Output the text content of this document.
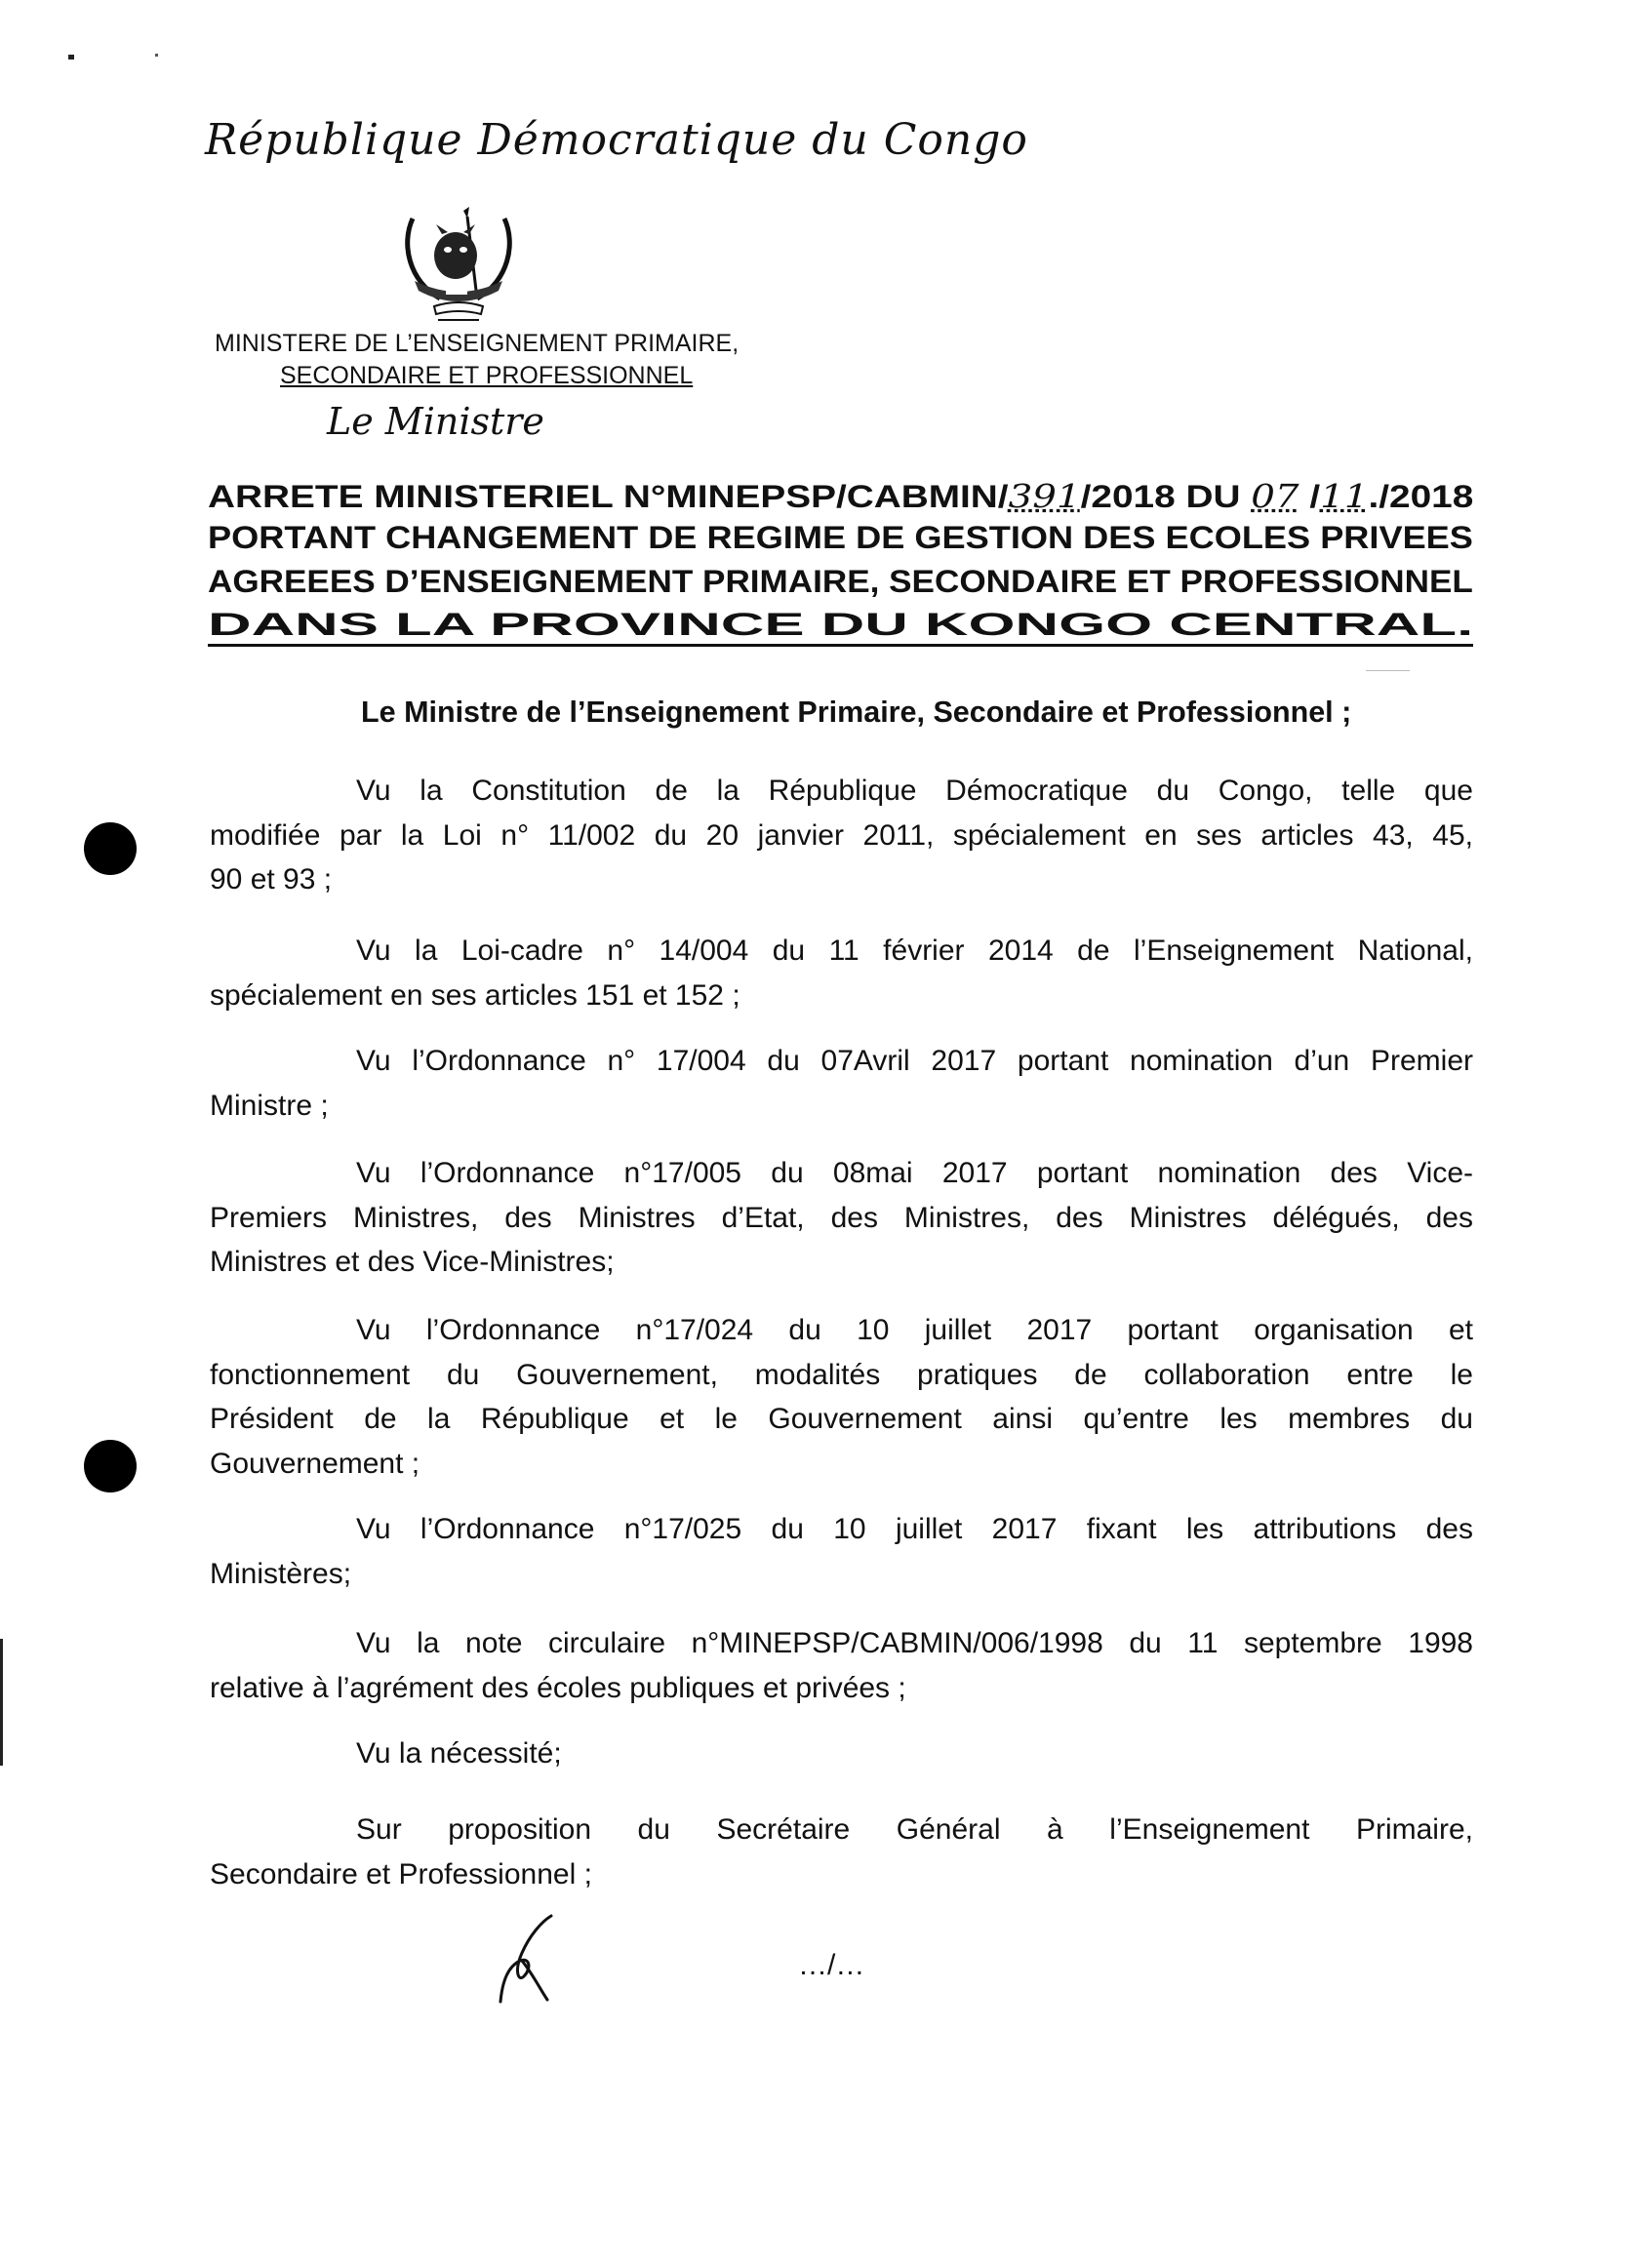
République Démocratique du Congo
MINISTERE DE L’ENSEIGNEMENT PRIMAIRE,
SECONDAIRE ET PROFESSIONNEL
Le Ministre
ARRETE MINISTERIEL N°MINEPSP/CABMIN/391/2018 DU 07 /11./2018
PORTANT CHANGEMENT DE REGIME DE GESTION DES ECOLES PRIVEES
AGREEES D’ENSEIGNEMENT PRIMAIRE, SECONDAIRE ET PROFESSIONNEL
DANS LA PROVINCE DU KONGO CENTRAL.
Le Ministre de l’Enseignement Primaire, Secondaire et Professionnel ;
Vu la Constitution de la République Démocratique du Congo, telle que
modifiée par la Loi n° 11/002 du 20 janvier 2011, spécialement en ses articles 43, 45,
90 et 93 ;
Vu la Loi-cadre n° 14/004 du 11 février 2014 de l’Enseignement National,
spécialement en ses articles 151 et 152 ;
Vu l’Ordonnance n° 17/004 du 07Avril 2017 portant nomination d’un Premier
Ministre ;
Vu l’Ordonnance n°17/005 du 08mai 2017 portant nomination des Vice-
Premiers Ministres, des Ministres d’Etat, des Ministres, des Ministres délégués, des
Ministres et des Vice-Ministres;
Vu l’Ordonnance n°17/024 du 10 juillet 2017 portant organisation et
fonctionnement du Gouvernement, modalités pratiques de collaboration entre le
Président de la République et le Gouvernement ainsi qu’entre les membres du
Gouvernement ;
Vu l’Ordonnance n°17/025 du 10 juillet 2017 fixant les attributions des
Ministères;
Vu la note circulaire n°MINEPSP/CABMIN/006/1998 du 11 septembre 1998
relative à l’agrément des écoles publiques et privées ;
Vu la nécessité;
Sur proposition du Secrétaire Général à l’Enseignement Primaire,
Secondaire et Professionnel ;
…/…
